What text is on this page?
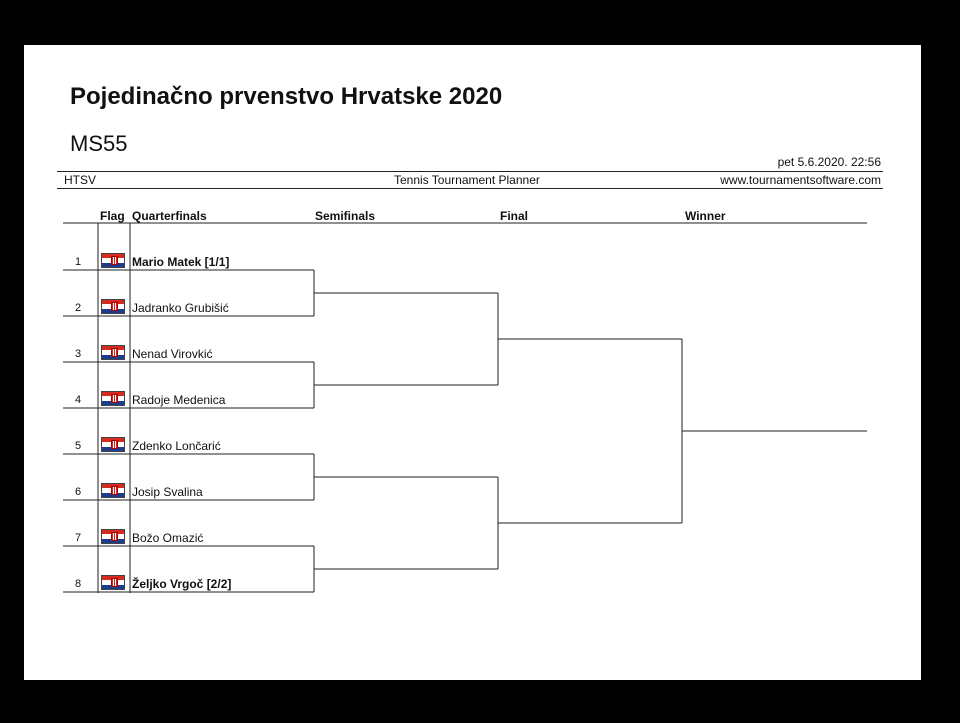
Pojedinačno prvenstvo Hrvatske 2020
MS55
pet 5.6.2020. 22:56
HTSV	Tennis Tournament Planner	www.tournamentsoftware.com
Flag Quarterfinals	Semifinals	Final	Winner
1	Mario Matek [1/1]
2	Jadranko Grubišić
3	Nenad Virovkić
4	Radoje Medenica
5	Zdenko Lončarić
6	Josip Svalina
7	Božo Omazić
8	Željko Vrgoč [2/2]
